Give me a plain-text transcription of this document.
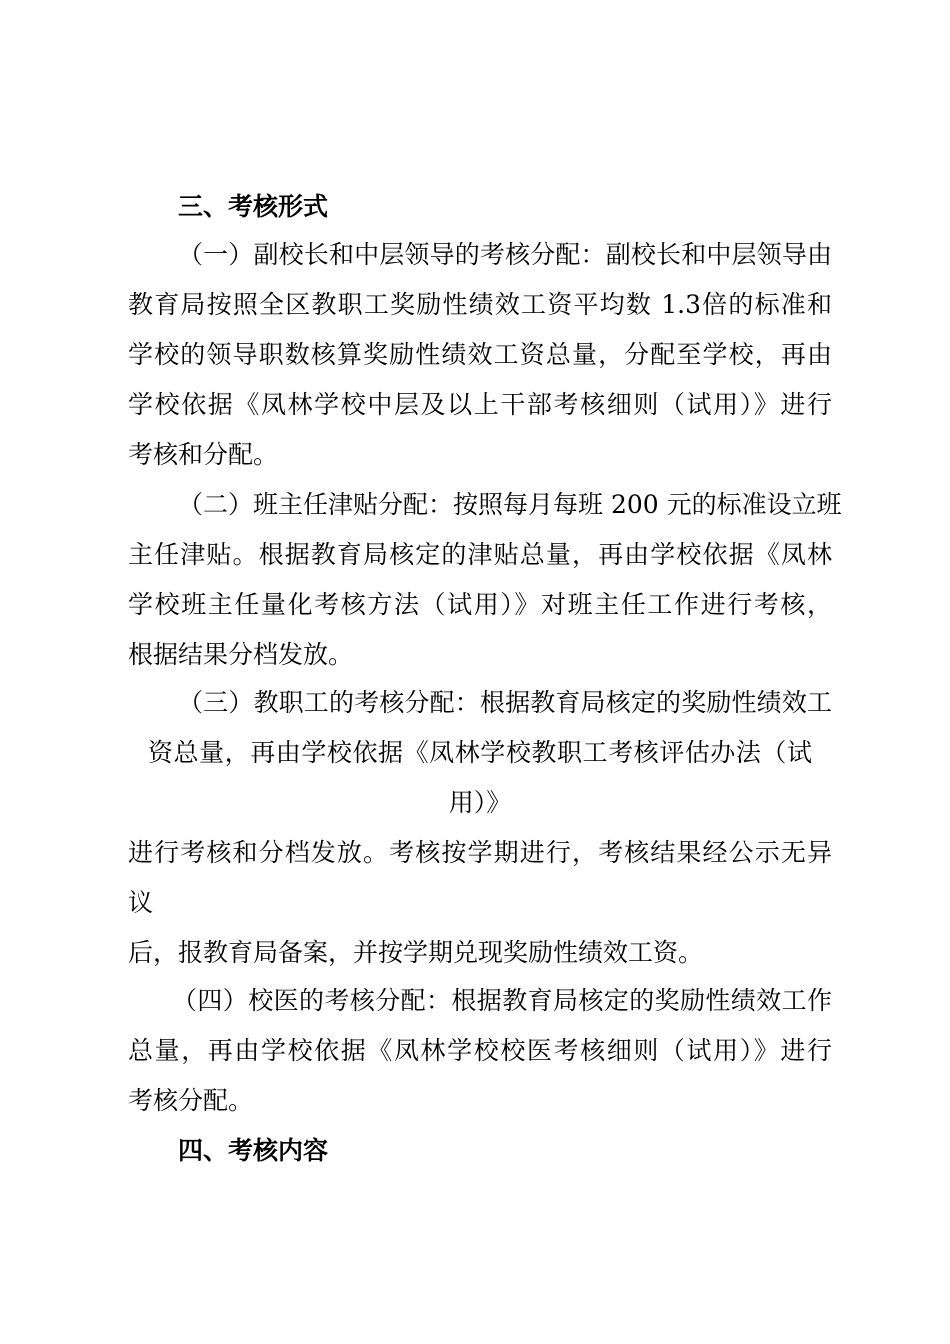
三、考核形式
（一）副校长和中层领导的考核分配：副校长和中层领导由
教育局按照全区教职工奖励性绩效工资平均数 1.3倍的标准和
学校的领导职数核算奖励性绩效工资总量，分配至学校，再由
学校依据《凤林学校中层及以上干部考核细则（试用）》进行
考核和分配。
（二）班主任津贴分配：按照每月每班 200 元的标准设立班
主任津贴。根据教育局核定的津贴总量，再由学校依据《凤林
学校班主任量化考核方法（试用）》对班主任工作进行考核，
根据结果分档发放。
（三）教职工的考核分配：根据教育局核定的奖励性绩效工
资总量，再由学校依据《凤林学校教职工考核评估办法（试
用）》
进行考核和分档发放。考核按学期进行，考核结果经公示无异
议
后，报教育局备案，并按学期兑现奖励性绩效工资。
（四）校医的考核分配：根据教育局核定的奖励性绩效工作
总量，再由学校依据《凤林学校校医考核细则（试用）》进行
考核分配。
四、考核内容
